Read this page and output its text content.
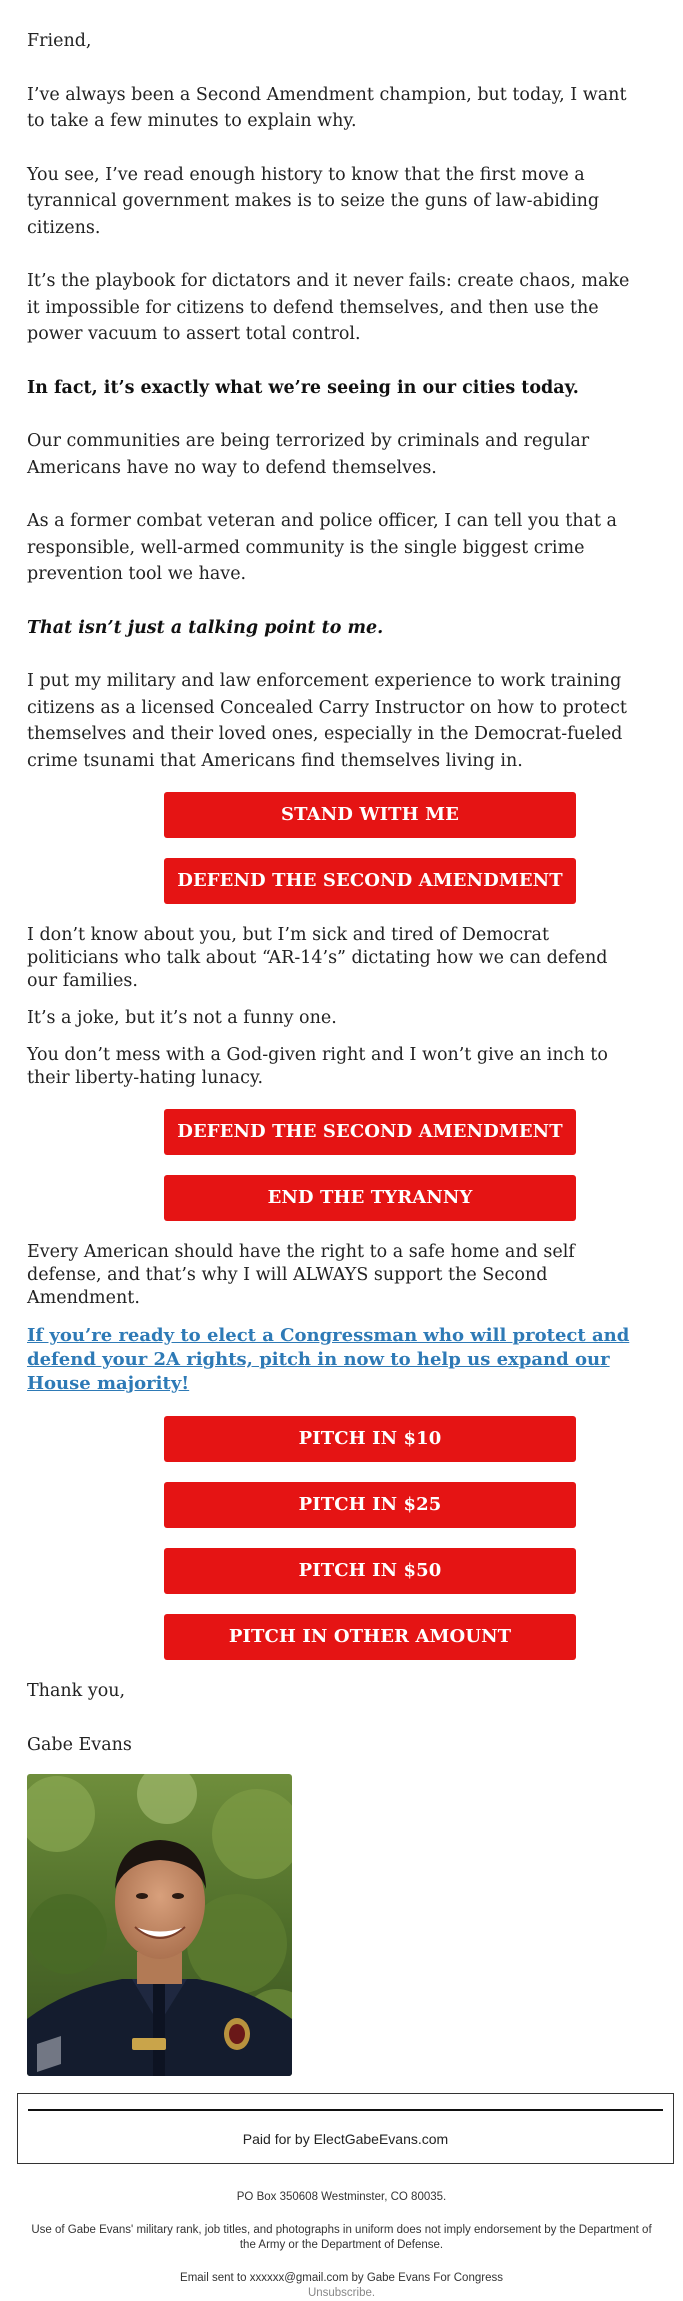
Friend,

I’ve always been a Second Amendment champion, but today, I want to take a few minutes to explain why.

You see, I’ve read enough history to know that the first move a tyrannical government makes is to seize the guns of law-abiding citizens.

It’s the playbook for dictators and it never fails: create chaos, make it impossible for citizens to defend themselves, and then use the power vacuum to assert total control.

In fact, it’s exactly what we’re seeing in our cities today.

Our communities are being terrorized by criminals and regular Americans have no way to defend themselves.

As a former combat veteran and police officer, I can tell you that a responsible, well-armed community is the single biggest crime prevention tool we have.

That isn’t just a talking point to me.

I put my military and law enforcement experience to work training citizens as a licensed Concealed Carry Instructor on how to protect themselves and their loved ones, especially in the Democrat-fueled crime tsunami that Americans find themselves living in.

STAND WITH ME
DEFEND THE SECOND AMENDMENT

I don’t know about you, but I’m sick and tired of Democrat politicians who talk about “AR-14’s” dictating how we can defend our families.

It’s a joke, but it’s not a funny one.

You don’t mess with a God-given right and I won’t give an inch to their liberty-hating lunacy.

DEFEND THE SECOND AMENDMENT
END THE TYRANNY

Every American should have the right to a safe home and self defense, and that’s why I will ALWAYS support the Second Amendment.

If you’re ready to elect a Congressman who will protect and defend your 2A rights, pitch in now to help us expand our House majority!

PITCH IN $10
PITCH IN $25
PITCH IN $50
PITCH IN OTHER AMOUNT

Thank you,

Gabe Evans

Paid for by ElectGabeEvans.com

PO Box 350608 Westminster, CO 80035.

Use of Gabe Evans' military rank, job titles, and photographs in uniform does not imply endorsement by the Department of the Army or the Department of Defense.

Email sent to xxxxxx@gmail.com by Gabe Evans For Congress

Unsubscribe.
